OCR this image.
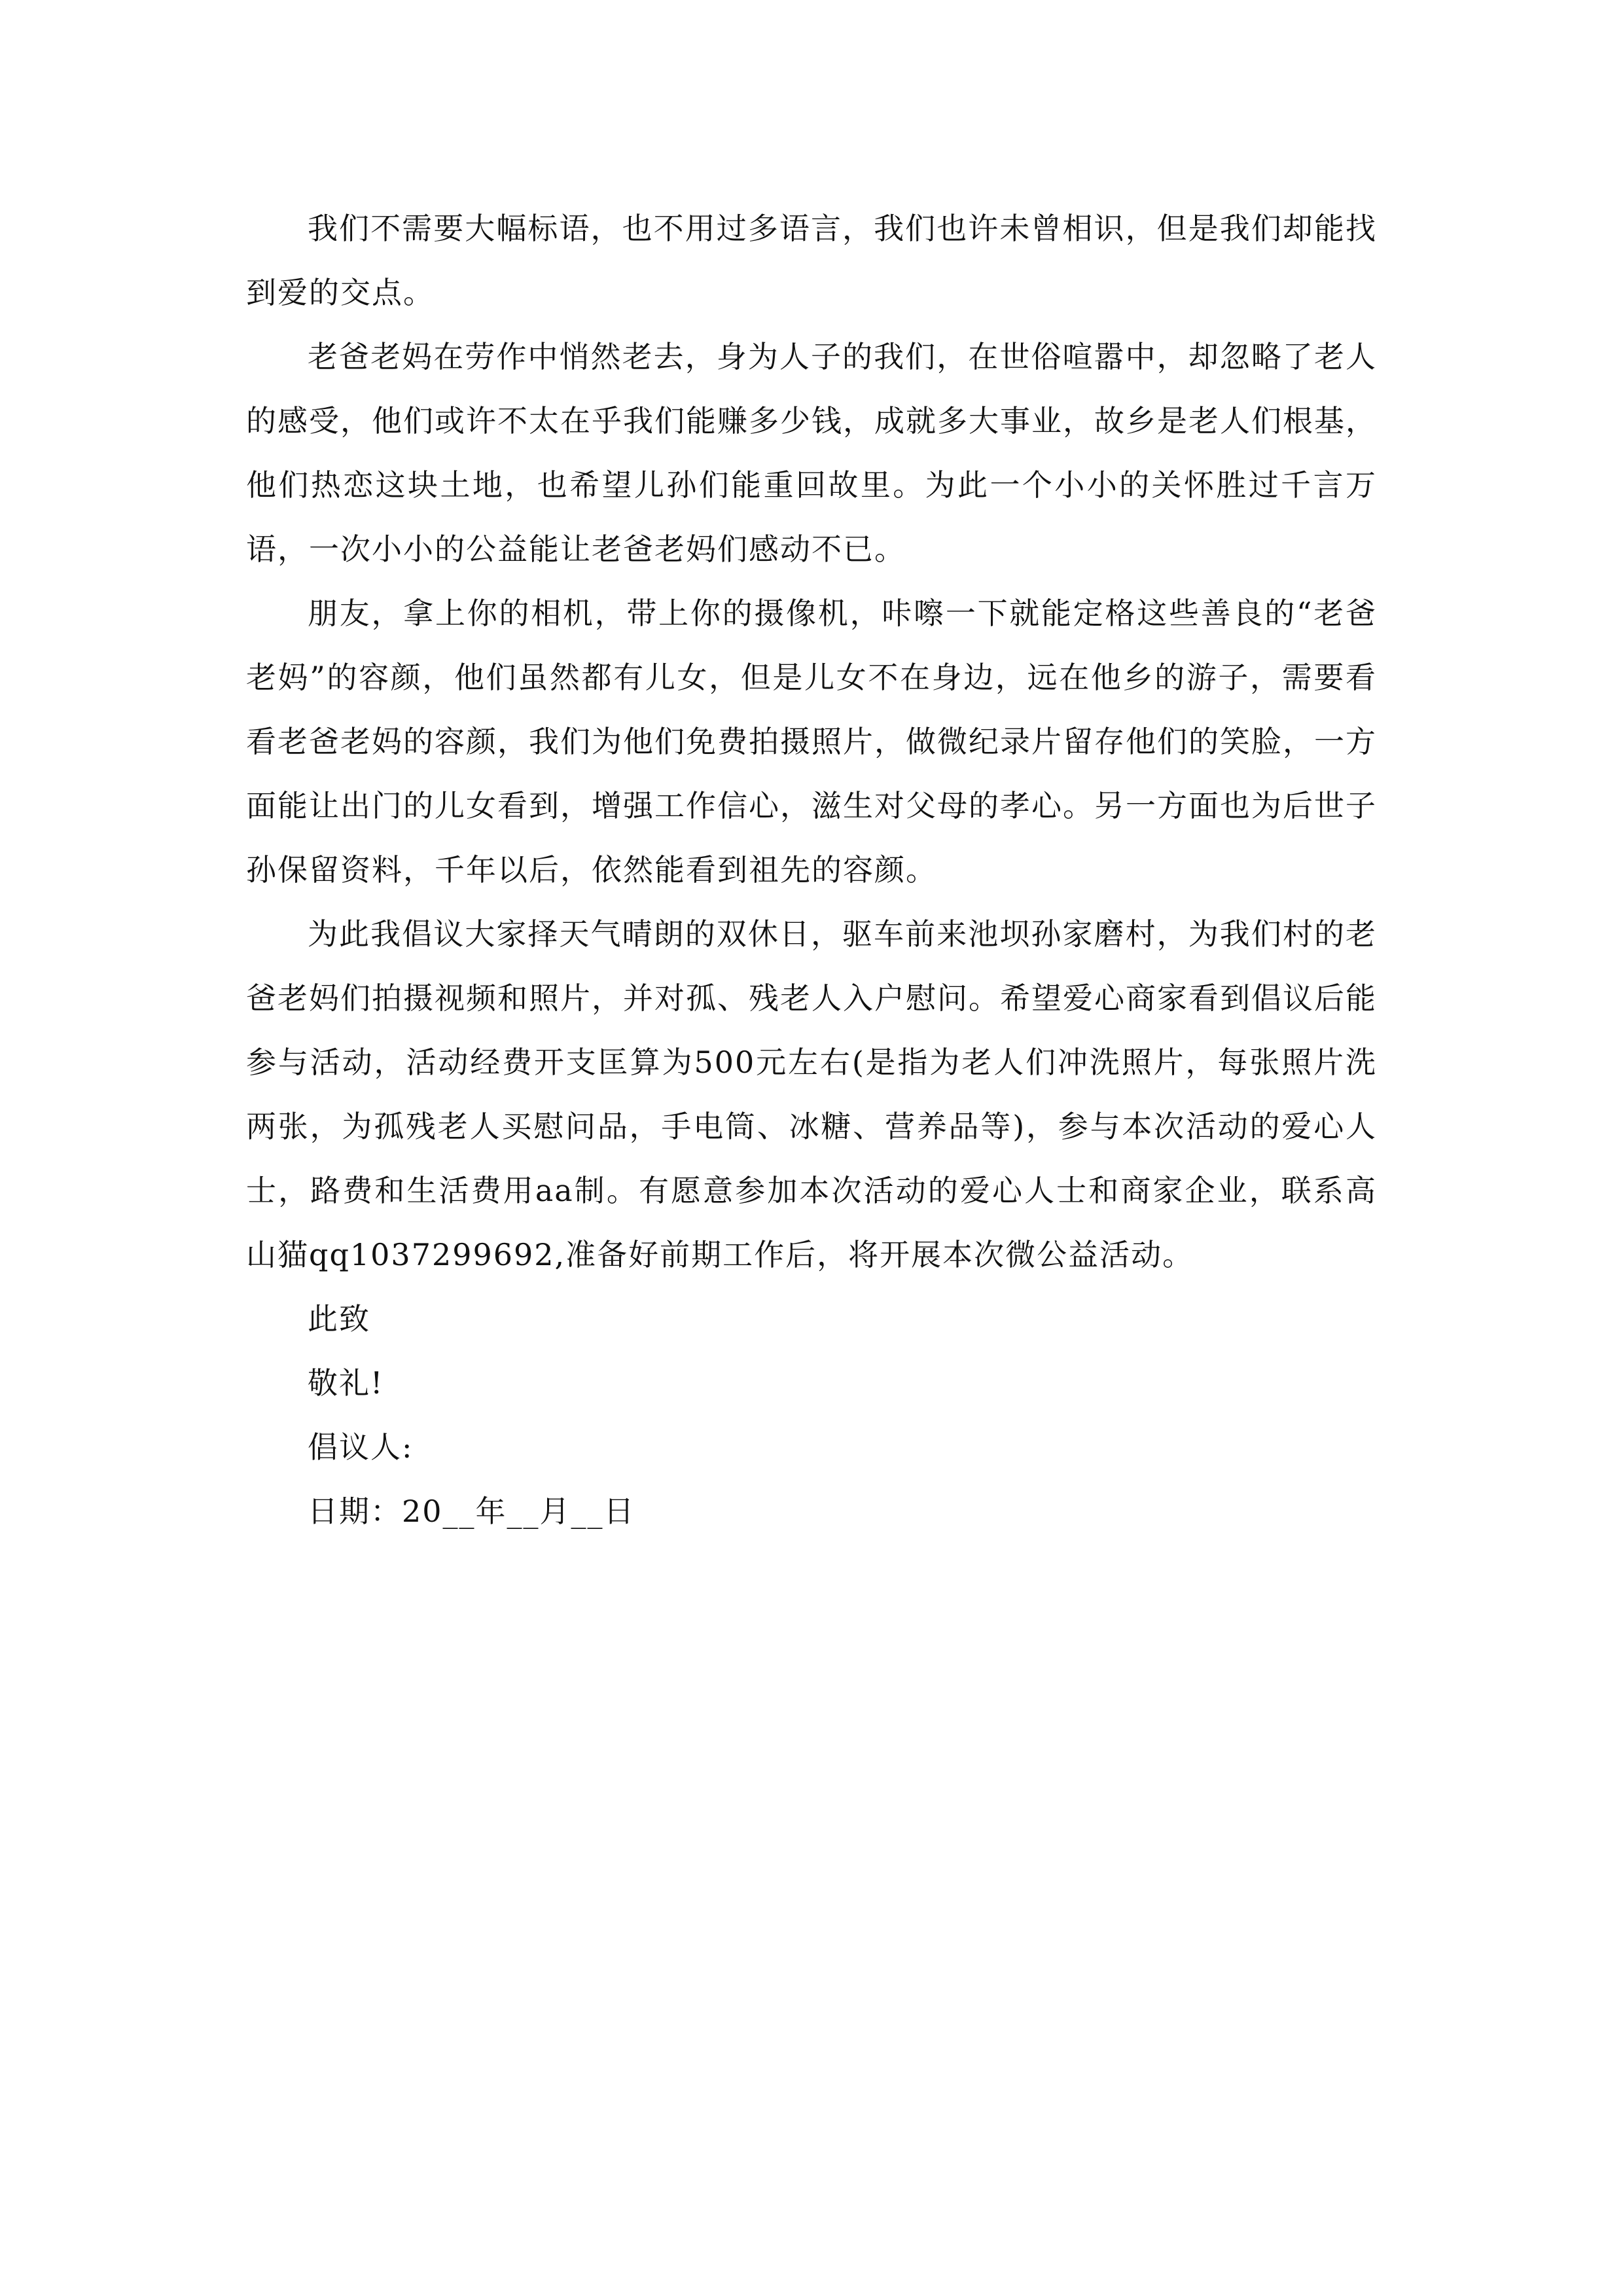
我们不需要大幅标语，也不用过多语言，我们也许未曾相识，但是我们却能找到爱的交点。

老爸老妈在劳作中悄然老去，身为人子的我们，在世俗喧嚣中，却忽略了老人的感受，他们或许不太在乎我们能赚多少钱，成就多大事业，故乡是老人们根基，他们热恋这块土地，也希望儿孙们能重回故里。为此一个小小的关怀胜过千言万语，一次小小的公益能让老爸老妈们感动不已。

朋友，拿上你的相机，带上你的摄像机，咔嚓一下就能定格这些善良的“老爸老妈”的容颜，他们虽然都有儿女，但是儿女不在身边，远在他乡的游子，需要看看老爸老妈的容颜，我们为他们免费拍摄照片，做微纪录片留存他们的笑脸，一方面能让出门的儿女看到，增强工作信心，滋生对父母的孝心。另一方面也为后世子孙保留资料，千年以后，依然能看到祖先的容颜。

为此我倡议大家择天气晴朗的双休日，驱车前来池坝孙家磨村，为我们村的老爸老妈们拍摄视频和照片，并对孤、残老人入户慰问。希望爱心商家看到倡议后能参与活动，活动经费开支匡算为500元左右(是指为老人们冲洗照片，每张照片洗两张，为孤残老人买慰问品，手电筒、冰糖、营养品等)，参与本次活动的爱心人士，路费和生活费用aa制。有愿意参加本次活动的爱心人士和商家企业，联系高山猫qq1037299692,准备好前期工作后，将开展本次微公益活动。

此致

敬礼!

倡议人:

日期：20__年__月__日
